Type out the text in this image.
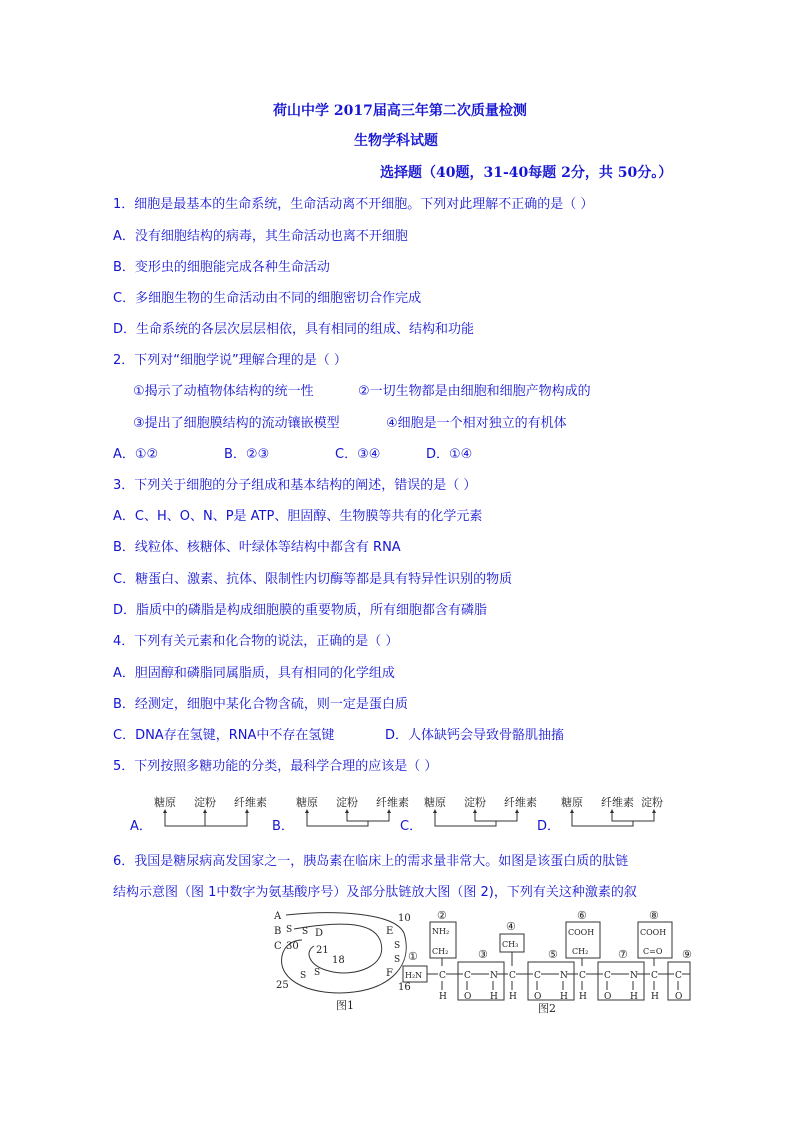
荷山中学 2017届高三年第二次质量检测
生物学科试题
选择题（40题，31-40每题 2分，共 50分。）
1．细胞是最基本的生命系统，生命活动离不开细胞。下列对此理解不正确的是（ ）
A．没有细胞结构的病毒，其生命活动也离不开细胞
B．变形虫的细胞能完成各种生命活动
C．多细胞生物的生命活动由不同的细胞密切合作完成
D．生命系统的各层次层层相依，具有相同的组成、结构和功能
2．下列对“细胞学说”理解合理的是（ ）
①揭示了动植物体结构的统一性	②一切生物都是由细胞和细胞产物构成的
③提出了细胞膜结构的流动镶嵌模型	④细胞是一个相对独立的有机体
A．①②	B．②③	C．③④	D．①④
3．下列关于细胞的分子组成和基本结构的阐述，错误的是（ ）
A．C、H、O、N、P是 ATP、胆固醇、生物膜等共有的化学元素
B．线粒体、核糖体、叶绿体等结构中都含有 RNA
C．糖蛋白、激素、抗体、限制性内切酶等都是具有特异性识别的物质
D．脂质中的磷脂是构成细胞膜的重要物质，所有细胞都含有磷脂
4．下列有关元素和化合物的说法，正确的是（ ）
A．胆固醇和磷脂同属脂质，具有相同的化学组成
B．经测定，细胞中某化合物含硫，则一定是蛋白质
C．DNA存在氢键，RNA中不存在氢键	D．人体缺钙会导致骨骼肌抽搐
5．下列按照多糖功能的分类，最科学合理的应该是（ ）
A．
糖原 淀粉 纤维素
B．
糖原 淀粉 纤维素
C．
糖原 淀粉 纤维素
D．
糖原 纤维素 淀粉
6．我国是糖尿病高发国家之一，胰岛素在临床上的需求量非常大。如图是该蛋白质的肽链
结构示意图（图 1中数字为氨基酸序号）及部分肽链放大图（图 2)，下列有关这种激素的叙
A
B
C
D	E
F
S S
S
S
S S
10
30 21
18
25	16
图1
①
②
③
④
⑤
⑥
⑦
⑧
⑨
H₂N
NH₂
CH₂
CH₃
COOH
CH₂
COOH
C=O
C C N C C N C C N C C
H O H H O H H O H H O
图2
